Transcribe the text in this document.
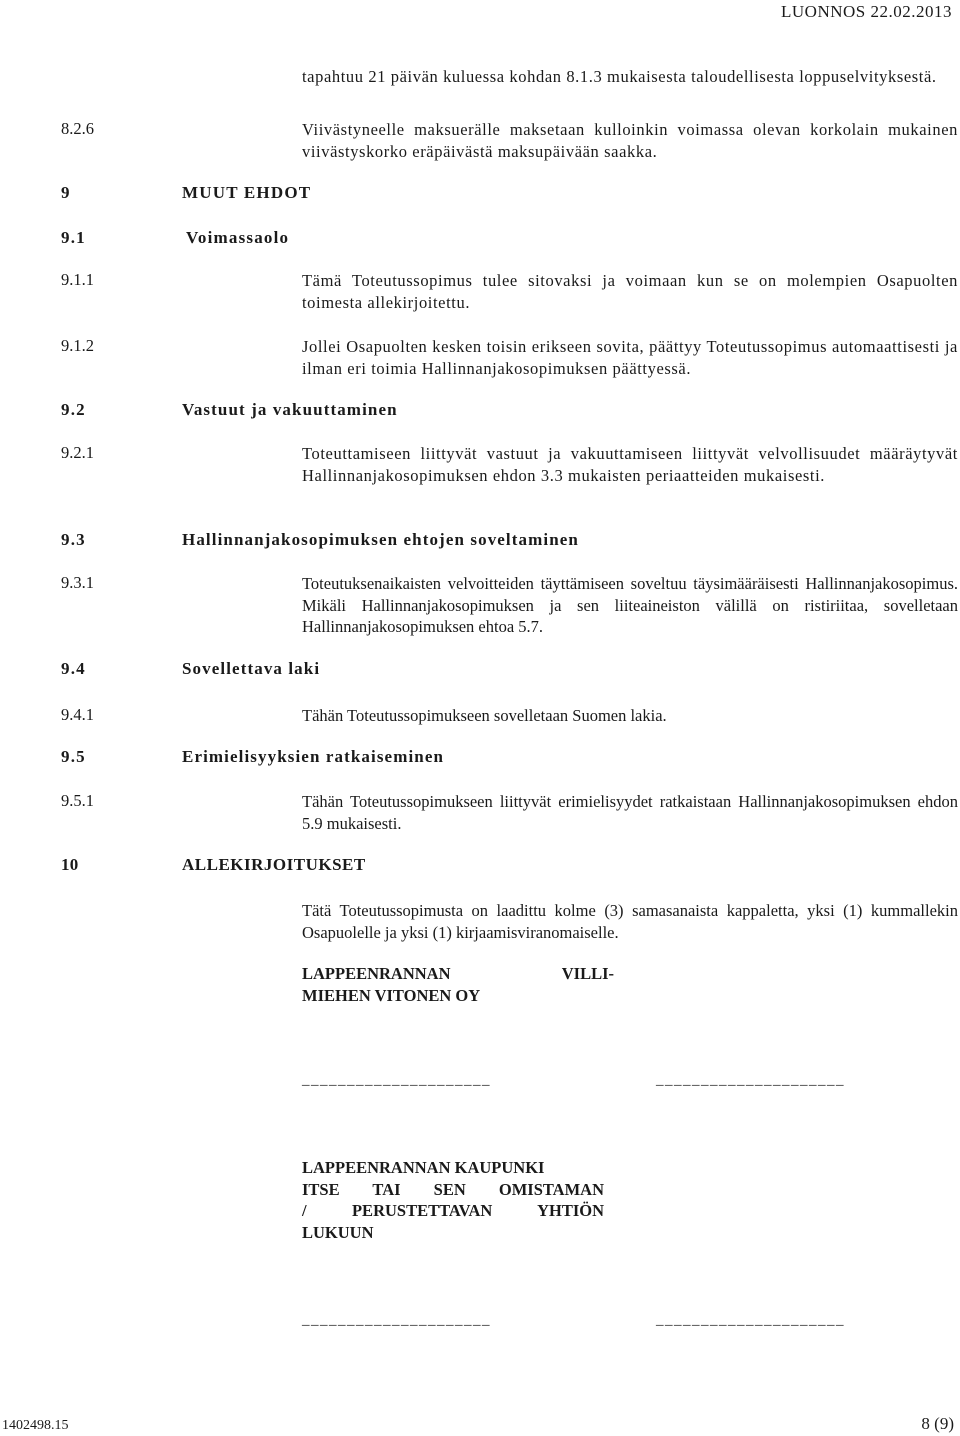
LUONNOS 22.02.2013
tapahtuu 21 päivän kuluessa kohdan 8.1.3 mukaisesta taloudellisesta loppuselvityksestä.
8.2.6	Viivästyneelle maksuerälle maksetaan kulloinkin voimassa olevan korkolain mukainen viivästyskorko eräpäivästä maksupäivään saakka.
9	MUUT EHDOT
9.1	Voimassaolo
9.1.1	Tämä Toteutussopimus tulee sitovaksi ja voimaan kun se on molempien Osapuolten toimesta allekirjoitettu.
9.1.2	Jollei Osapuolten kesken toisin erikseen sovita, päättyy Toteutussopimus automaattisesti ja ilman eri toimia Hallinnanjakosopimuksen päättyessä.
9.2	Vastuut ja vakuuttaminen
9.2.1	Toteuttamiseen liittyvät vastuut ja vakuuttamiseen liittyvät velvollisuudet määräytyvät Hallinnanjakosopimuksen ehdon 3.3 mukaisten periaatteiden mukaisesti.
9.3	Hallinnanjakosopimuksen ehtojen soveltaminen
9.3.1	Toteutuksenaikaisten velvoitteiden täyttämiseen soveltuu täysimääräisesti Hallinnanjakosopimus. Mikäli Hallinnanjakosopimuksen ja sen liiteaineiston välillä on ristiriitaa, sovelletaan Hallinnanjakosopimuksen ehtoa 5.7.
9.4	Sovellettava laki
9.4.1	Tähän Toteutussopimukseen sovelletaan Suomen lakia.
9.5	Erimielisyyksien ratkaiseminen
9.5.1	Tähän Toteutussopimukseen liittyvät erimielisyydet ratkaistaan Hallinnanjakosopimuksen ehdon 5.9 mukaisesti.
10	ALLEKIRJOITUKSET
Tätä Toteutussopimusta on laadittu kolme (3) samasanaista kappaletta, yksi (1) kummallekin Osapuolelle ja yksi (1) kirjaamisviranomaiselle.
LAPPEENRANNAN VILLI-
MIEHEN VITONEN OY
_____________________	_____________________
LAPPEENRANNAN KAUPUNKI
ITSE TAI SEN OMISTAMAN
/ PERUSTETTAVAN YHTIÖN
LUKUUN
_____________________	_____________________
1402498.15	8 (9)
